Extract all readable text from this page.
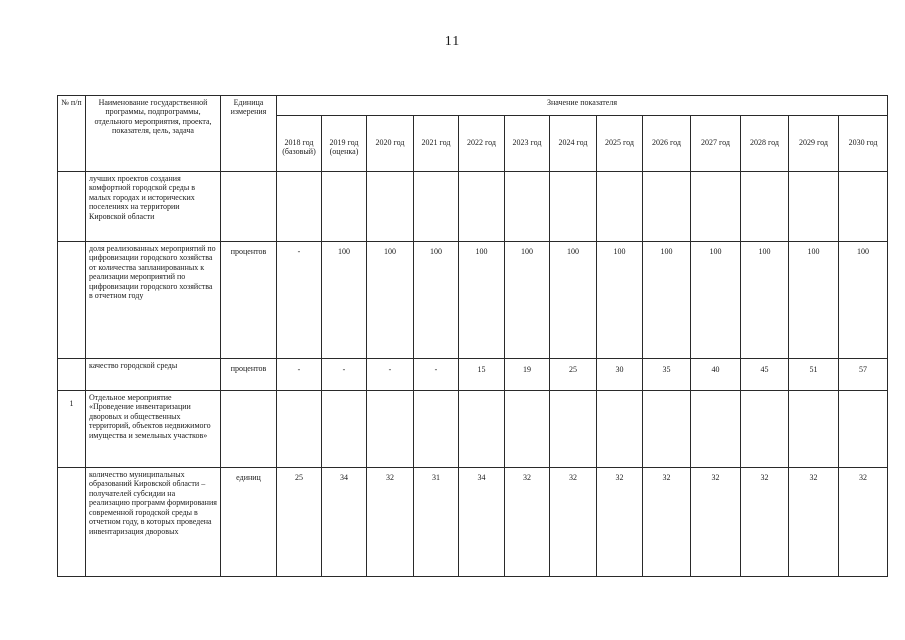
11
№ п/п	Наименование государственной программы, подпрограммы, отдельного мероприятия, проекта, показателя, цель, задача	Единица измерения	Значение показателя												
			2018 год (базовый)	2019 год (оценка)	2020 год	2021 год	2022 год	2023 год	2024 год	2025 год	2026 год	2027 год	2028 год	2029 год	2030 год
	лучших проектов создания комфортной городской среды в малых городах и исторических поселениях на территории Кировской области														
	доля реализованных мероприятий по цифровизации городского хозяйства от количества запланированных к реализации мероприятий по цифровизации городского хозяйства в отчетном году	процентов	-	100	100	100	100	100	100	100	100	100	100	100	100
	качество городской среды	процентов	-	-	-	-	15	19	25	30	35	40	45	51	57
1	Отдельное мероприятие «Проведение инвентаризации дворовых и общественных территорий, объектов недвижимого имущества и земельных участков»														
	количество муниципальных образований Кировской области – получателей субсидии на реализацию программ формирования современной городской среды в отчетном году, в которых проведена инвентаризация дворовых	единиц	25	34	32	31	34	32	32	32	32	32	32	32	32
